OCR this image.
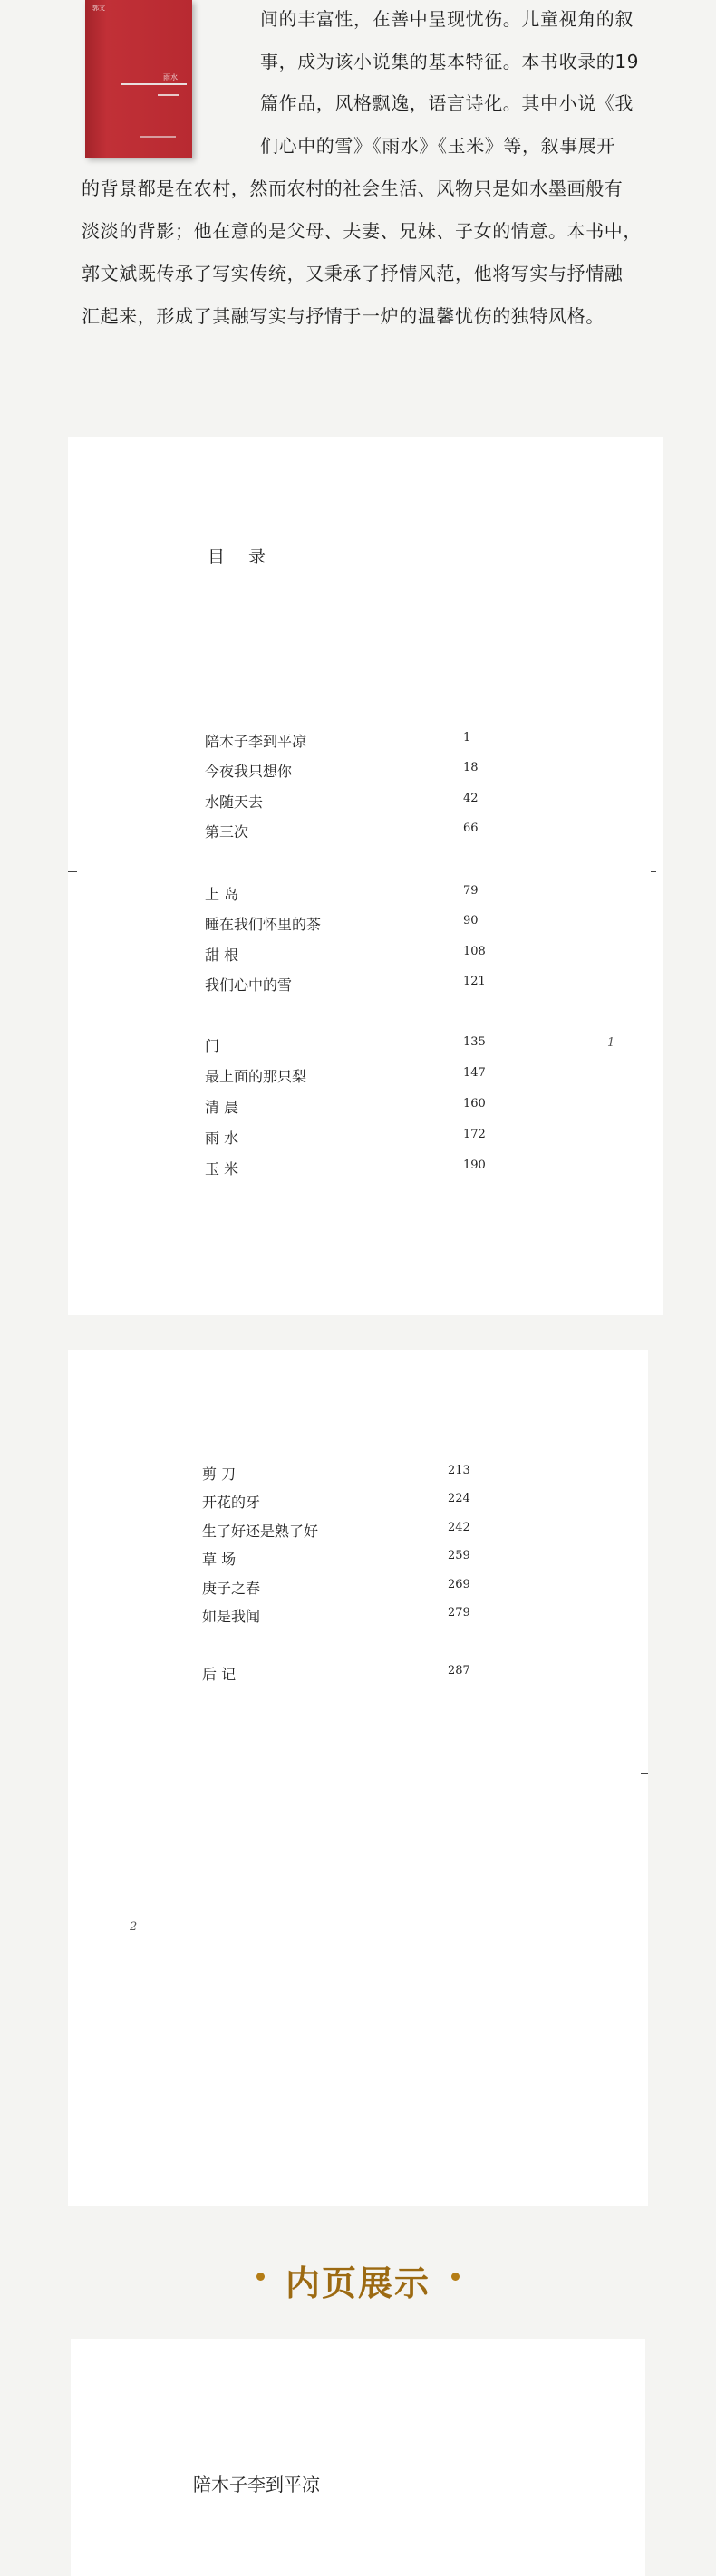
郭文
雨水
间的丰富性，在善中呈现忧伤。儿童视角的叙
事，成为该小说集的基本特征。本书收录的19
篇作品，风格飘逸，语言诗化。其中小说《我
们心中的雪》《雨水》《玉米》等，叙事展开
的背景都是在农村，然而农村的社会生活、风物只是如水墨画般有
淡淡的背影；他在意的是父母、夫妻、兄妹、子女的情意。本书中，
郭文斌既传承了写实传统，又秉承了抒情风范，他将写实与抒情融
汇起来，形成了其融写实与抒情于一炉的温馨忧伤的独特风格。
目 录
陪木子李到平凉	1
今夜我只想你	18
水随天去	42
第三次	66
上 岛	79
睡在我们怀里的茶	90
甜 根	108
我们心中的雪	121
门	135
最上面的那只梨	147
清 晨	160
雨 水	172
玉 米	190
1
剪 刀	213
开花的牙	224
生了好还是熟了好	242
草 场	259
庚子之春	269
如是我闻	279
后 记	287
2
内页展示
陪木子李到平凉
